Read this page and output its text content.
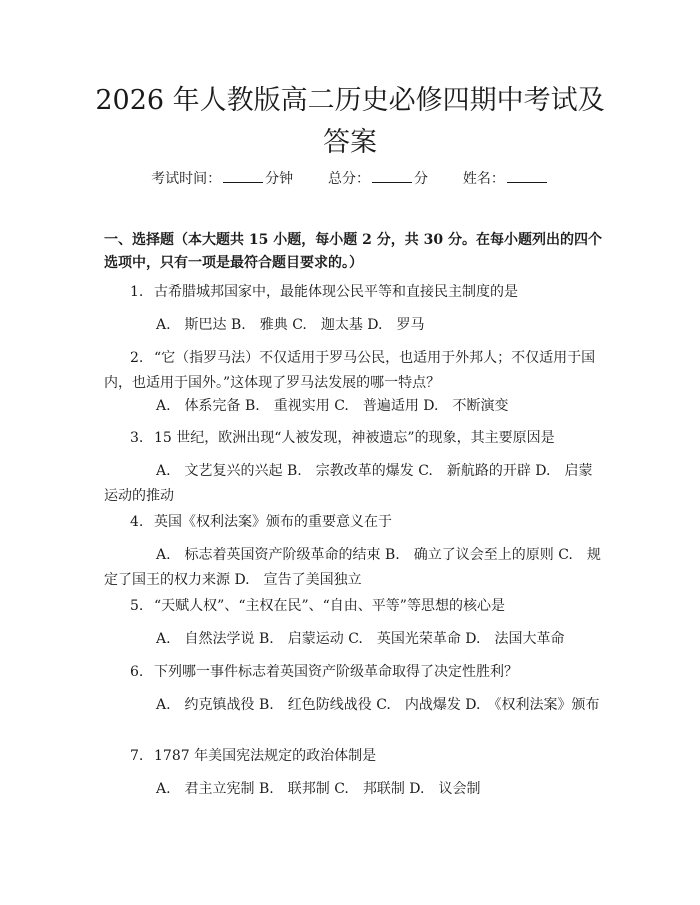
2026 年人教版高二历史必修四期中考试及答案
考试时间：	分钟 总分：	分 姓名：

一、选择题（本大题共 15 小题，每小题 2 分，共 30 分。在每小题列出的四个选项中，只有一项是最符合题目要求的。）

1. 古希腊城邦国家中，最能体现公民平等和直接民主制度的是

A.　斯巴达 B.　雅典 C.　迦太基 D.　罗马

2. “它（指罗马法）不仅适用于罗马公民，也适用于外邦人；不仅适用于国内，也适用于国外。”这体现了罗马法发展的哪一特点？

A.　体系完备 B.　重视实用 C.　普遍适用 D.　不断演变

3. 15 世纪，欧洲出现“人被发现，神被遗忘”的现象，其主要原因是

A.　文艺复兴的兴起 B.　宗教改革的爆发 C.　新航路的开辟 D.　启蒙运动的推动

4. 英国《权利法案》颁布的重要意义在于

A.　标志着英国资产阶级革命的结束 B.　确立了议会至上的原则 C.　规定了国王的权力来源 D.　宣告了美国独立

5. “天赋人权”、“主权在民”、“自由、平等”等思想的核心是

A.　自然法学说 B.　启蒙运动 C.　英国光荣革命 D.　法国大革命

6. 下列哪一事件标志着英国资产阶级革命取得了决定性胜利？

A.　约克镇战役 B.　红色防线战役 C.　内战爆发 D.　《权利法案》颁布

7. 1787 年美国宪法规定的政治体制是

A.　君主立宪制 B.　联邦制 C.　邦联制 D.　议会制
